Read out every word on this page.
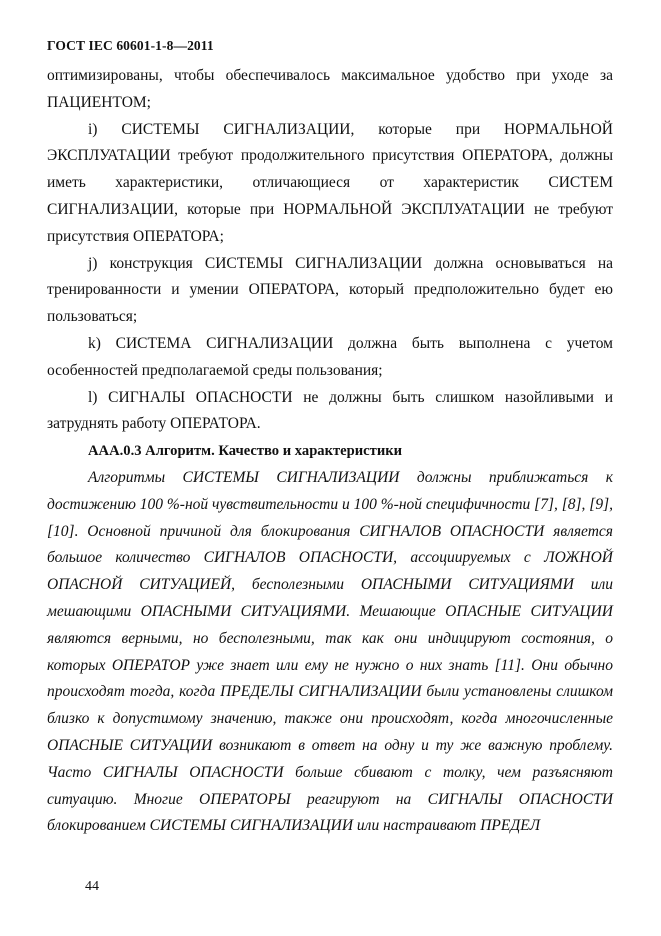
ГОСТ IEC 60601-1-8—2011

оптимизированы, чтобы обеспечивалось максимальное удобство при уходе за ПАЦИЕНТОМ;

i) СИСТЕМЫ СИГНАЛИЗАЦИИ, которые при НОРМАЛЬНОЙ ЭКСПЛУАТАЦИИ требуют продолжительного присутствия ОПЕРАТОРА, должны иметь характеристики, отличающиеся от характеристик СИСТЕМ СИГНАЛИЗАЦИИ, которые при НОРМАЛЬНОЙ ЭКСПЛУАТАЦИИ не требуют присутствия ОПЕРАТОРА;

j) конструкция СИСТЕМЫ СИГНАЛИЗАЦИИ должна основываться на тренированности и умении ОПЕРАТОРА, который предположительно будет ею пользоваться;

k) СИСТЕМА СИГНАЛИЗАЦИИ должна быть выполнена с учетом особенностей предполагаемой среды пользования;

l) СИГНАЛЫ ОПАСНОСТИ не должны быть слишком назойливыми и затруднять работу ОПЕРАТОРА.

ААА.0.3 Алгоритм. Качество и характеристики

Алгоритмы СИСТЕМЫ СИГНАЛИЗАЦИИ должны приближаться к достижению 100 %-ной чувствительности и 100 %-ной специфичности [7], [8], [9], [10]. Основной причиной для блокирования СИГНАЛОВ ОПАСНОСТИ является большое количество СИГНАЛОВ ОПАСНОСТИ, ассоциируемых с ЛОЖНОЙ ОПАСНОЙ СИТУАЦИЕЙ, бесполезными ОПАСНЫМИ СИТУАЦИЯМИ или мешающими ОПАСНЫМИ СИТУАЦИЯМИ. Мешающие ОПАСНЫЕ СИТУАЦИИ являются верными, но бесполезными, так как они индицируют состояния, о которых ОПЕРАТОР уже знает или ему не нужно о них знать [11]. Они обычно происходят тогда, когда ПРЕДЕЛЫ СИГНАЛИЗАЦИИ были установлены слишком близко к допустимому значению, также они происходят, когда многочисленные ОПАСНЫЕ СИТУАЦИИ возникают в ответ на одну и ту же важную проблему. Часто СИГНАЛЫ ОПАСНОСТИ больше сбивают с толку, чем разъясняют ситуацию. Многие ОПЕРАТОРЫ реагируют на СИГНАЛЫ ОПАСНОСТИ блокированием СИСТЕМЫ СИГНАЛИЗАЦИИ или настраивают ПРЕДЕЛ

44
